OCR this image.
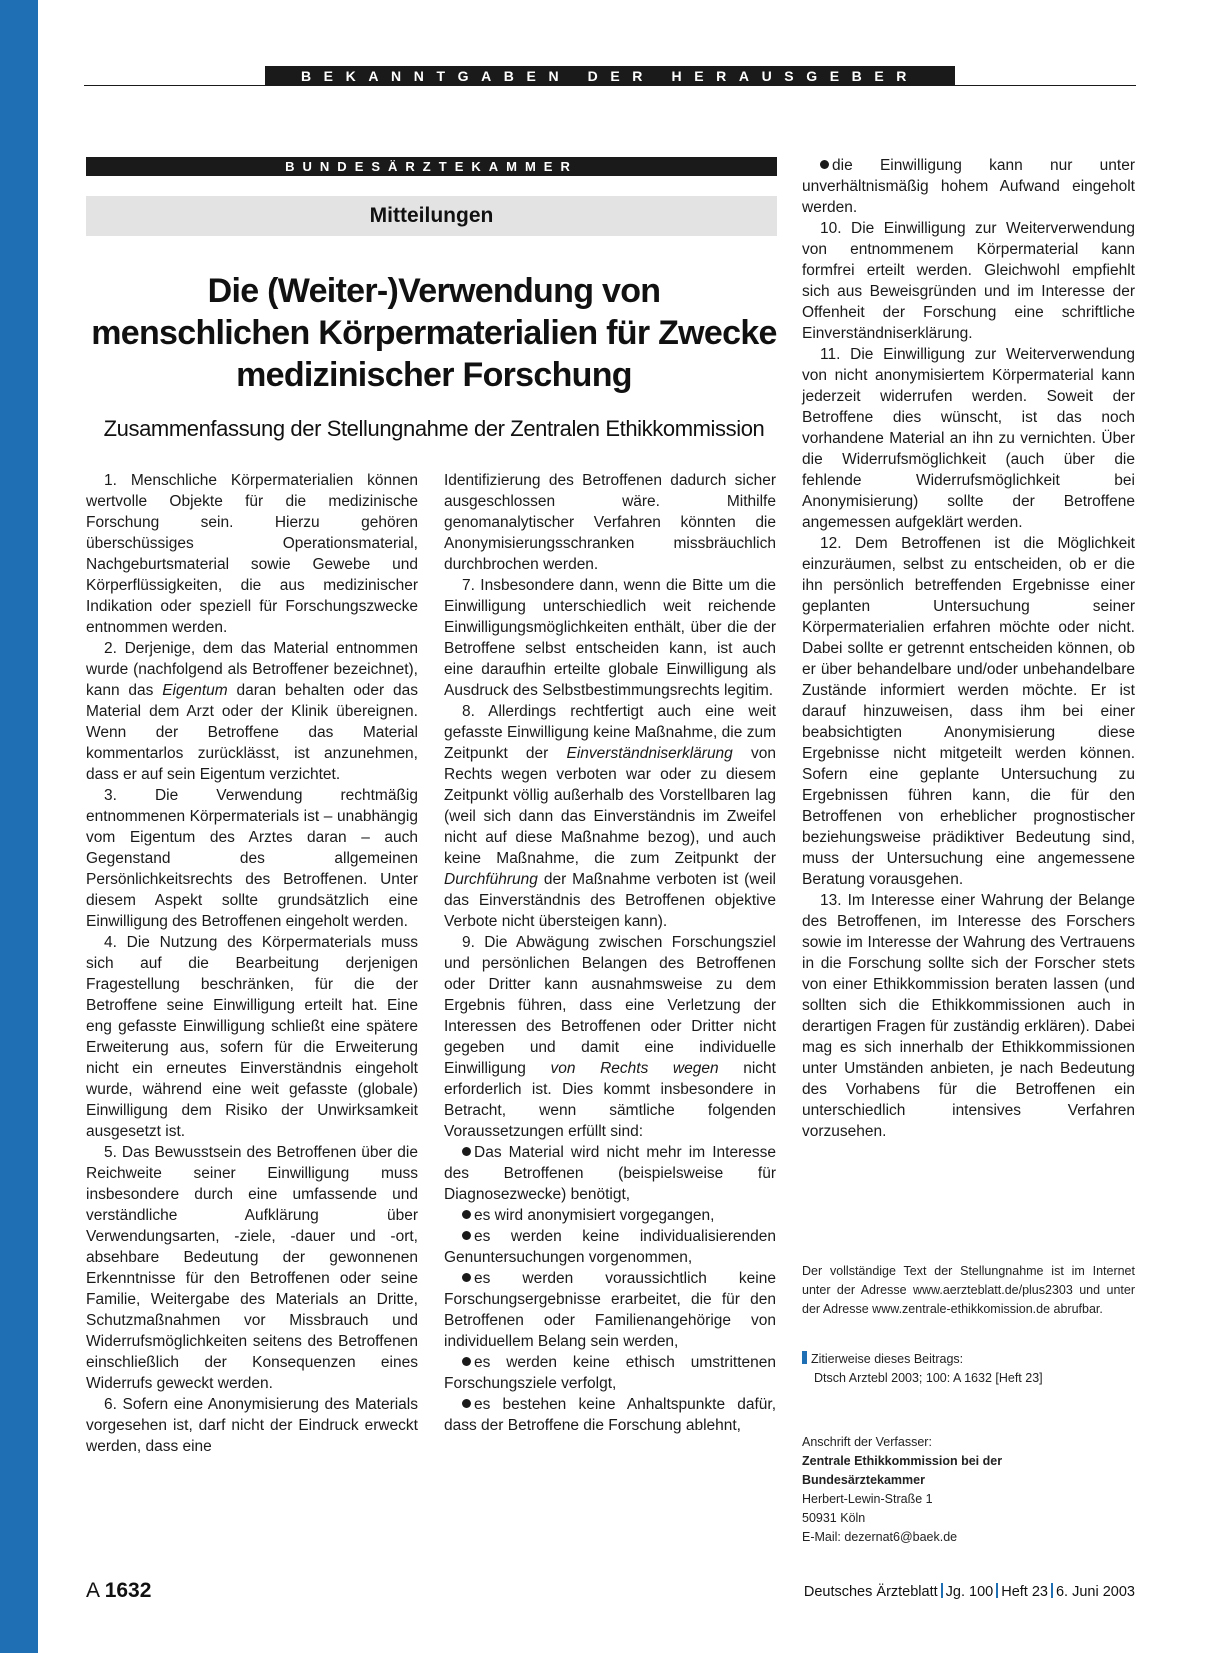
BEKANNTGABEN DER HERAUSGEBER
BUNDESÄRZTEKAMMER
Mitteilungen
Die (Weiter-)Verwendung von
menschlichen Körpermaterialien für Zwecke
medizinischer Forschung
Zusammenfassung der Stellungnahme der Zentralen Ethikkommission

1. Menschliche Körpermaterialien können wertvolle Objekte für die medizinische Forschung sein. Hierzu gehören überschüssiges Operationsmaterial, Nachgeburtsmaterial sowie Gewebe und Körperflüssigkeiten, die aus medizinischer Indikation oder speziell für Forschungszwecke entnommen werden.

2. Derjenige, dem das Material entnommen wurde (nachfolgend als Betroffener bezeichnet), kann das Eigentum daran behalten oder das Material dem Arzt oder der Klinik übereignen. Wenn der Betroffene das Material kommentarlos zurücklässt, ist anzunehmen, dass er auf sein Eigentum verzichtet.

3. Die Verwendung rechtmäßig entnommenen Körpermaterials ist – unabhängig vom Eigentum des Arztes daran – auch Gegenstand des allgemeinen Persönlichkeitsrechts des Betroffenen. Unter diesem Aspekt sollte grundsätzlich eine Einwilligung des Betroffenen eingeholt werden.

4. Die Nutzung des Körpermaterials muss sich auf die Bearbeitung derjenigen Fragestellung beschränken, für die der Betroffene seine Einwilligung erteilt hat. Eine eng gefasste Einwilligung schließt eine spätere Erweiterung aus, sofern für die Erweiterung nicht ein erneutes Einverständnis eingeholt wurde, während eine weit gefasste (globale) Einwilligung dem Risiko der Unwirksamkeit ausgesetzt ist.

5. Das Bewusstsein des Betroffenen über die Reichweite seiner Einwilligung muss insbesondere durch eine umfassende und verständliche Aufklärung über Verwendungsarten, -ziele, -dauer und -ort, absehbare Bedeutung der gewonnenen Erkenntnisse für den Betroffenen oder seine Familie, Weitergabe des Materials an Dritte, Schutzmaßnahmen vor Missbrauch und Widerrufsmöglichkeiten seitens des Betroffenen einschließlich der Konsequenzen eines Widerrufs geweckt werden.

6. Sofern eine Anonymisierung des Materials vorgesehen ist, darf nicht der Eindruck erweckt werden, dass eine

Identifizierung des Betroffenen dadurch sicher ausgeschlossen wäre. Mithilfe genomanalytischer Verfahren könnten die Anonymisierungsschranken missbräuchlich durchbrochen werden.

7. Insbesondere dann, wenn die Bitte um die Einwilligung unterschiedlich weit reichende Einwilligungsmöglichkeiten enthält, über die der Betroffene selbst entscheiden kann, ist auch eine daraufhin erteilte globale Einwilligung als Ausdruck des Selbstbestimmungsrechts legitim.

8. Allerdings rechtfertigt auch eine weit gefasste Einwilligung keine Maßnahme, die zum Zeitpunkt der Einverständniserklärung von Rechts wegen verboten war oder zu diesem Zeitpunkt völlig außerhalb des Vorstellbaren lag (weil sich dann das Einverständnis im Zweifel nicht auf diese Maßnahme bezog), und auch keine Maßnahme, die zum Zeitpunkt der Durchführung der Maßnahme verboten ist (weil das Einverständnis des Betroffenen objektive Verbote nicht übersteigen kann).

9. Die Abwägung zwischen Forschungsziel und persönlichen Belangen des Betroffenen oder Dritter kann ausnahmsweise zu dem Ergebnis führen, dass eine Verletzung der Interessen des Betroffenen oder Dritter nicht gegeben und damit eine individuelle Einwilligung von Rechts wegen nicht erforderlich ist. Dies kommt insbesondere in Betracht, wenn sämtliche folgenden Voraussetzungen erfüllt sind:

Das Material wird nicht mehr im Interesse des Betroffenen (beispielsweise für Diagnosezwecke) benötigt,

es wird anonymisiert vorgegangen,

es werden keine individualisierenden Genuntersuchungen vorgenommen,

es werden voraussichtlich keine Forschungsergebnisse erarbeitet, die für den Betroffenen oder Familienangehörige von individuellem Belang sein werden,

es werden keine ethisch umstrittenen Forschungsziele verfolgt,

es bestehen keine Anhaltspunkte dafür, dass der Betroffene die Forschung ablehnt,

die Einwilligung kann nur unter unverhältnismäßig hohem Aufwand eingeholt werden.

10. Die Einwilligung zur Weiterverwendung von entnommenem Körpermaterial kann formfrei erteilt werden. Gleichwohl empfiehlt sich aus Beweisgründen und im Interesse der Offenheit der Forschung eine schriftliche Einverständniserklärung.

11. Die Einwilligung zur Weiterverwendung von nicht anonymisiertem Körpermaterial kann jederzeit widerrufen werden. Soweit der Betroffene dies wünscht, ist das noch vorhandene Material an ihn zu vernichten. Über die Widerrufsmöglichkeit (auch über die fehlende Widerrufsmöglichkeit bei Anonymisierung) sollte der Betroffene angemessen aufgeklärt werden.

12. Dem Betroffenen ist die Möglichkeit einzuräumen, selbst zu entscheiden, ob er die ihn persönlich betreffenden Ergebnisse einer geplanten Untersuchung seiner Körpermaterialien erfahren möchte oder nicht. Dabei sollte er getrennt entscheiden können, ob er über behandelbare und/oder unbehandelbare Zustände informiert werden möchte. Er ist darauf hinzuweisen, dass ihm bei einer beabsichtigten Anonymisierung diese Ergebnisse nicht mitgeteilt werden können. Sofern eine geplante Untersuchung zu Ergebnissen führen kann, die für den Betroffenen von erheblicher prognostischer beziehungsweise prädiktiver Bedeutung sind, muss der Untersuchung eine angemessene Beratung vorausgehen.

13. Im Interesse einer Wahrung der Belange des Betroffenen, im Interesse des Forschers sowie im Interesse der Wahrung des Vertrauens in die Forschung sollte sich der Forscher stets von einer Ethikkommission beraten lassen (und sollten sich die Ethikkommissionen auch in derartigen Fragen für zuständig erklären). Dabei mag es sich innerhalb der Ethikkommissionen unter Umständen anbieten, je nach Bedeutung des Vorhabens für die Betroffenen ein unterschiedlich intensives Verfahren vorzusehen.

Der vollständige Text der Stellungnahme ist im Internet unter der Adresse www.aerzteblatt.de/plus2303 und unter der Adresse www.zentrale-ethikkomission.de abrufbar.
Zitierweise dieses Beitrags:
Dtsch Arztebl 2003; 100: A 1632 [Heft 23]
Anschrift der Verfasser:
Zentrale Ethikkommission bei der
Bundesärztekammer
Herbert-Lewin-Straße 1
50931 Köln
E-Mail: dezernat6@baek.de
A 1632	Deutsches Ärzteblatt Jg. 100 Heft 23 6. Juni 2003
